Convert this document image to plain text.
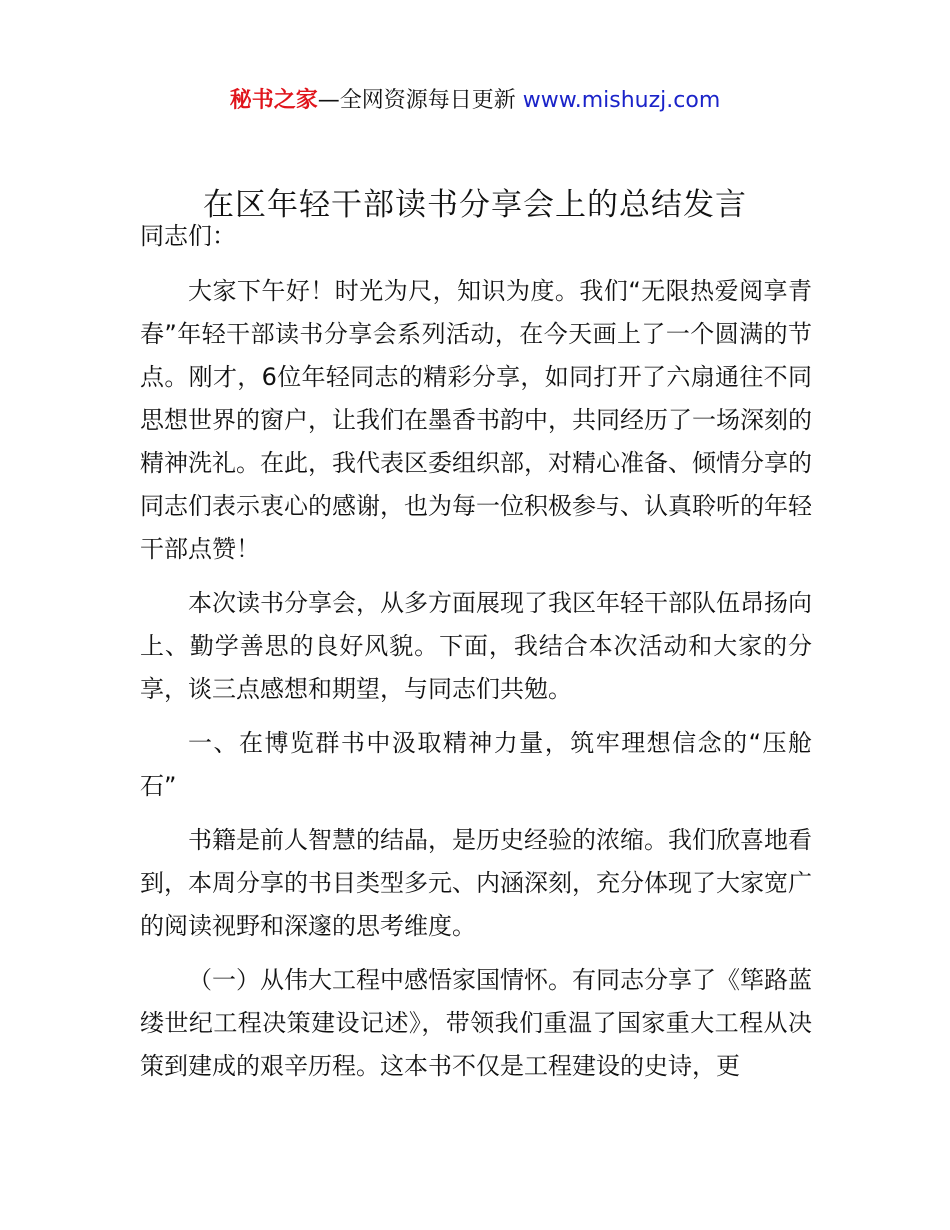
秘书之家—全网资源每日更新 www.mishuzj.com
在区年轻干部读书分享会上的总结发言

同志们：

大家下午好！时光为尺，知识为度。我们“无限热爱阅享青春”年轻干部读书分享会系列活动，在今天画上了一个圆满的节点。刚才，6位年轻同志的精彩分享，如同打开了六扇通往不同思想世界的窗户，让我们在墨香书韵中，共同经历了一场深刻的精神洗礼。在此，我代表区委组织部，对精心准备、倾情分享的同志们表示衷心的感谢，也为每一位积极参与、认真聆听的年轻干部点赞！

本次读书分享会，从多方面展现了我区年轻干部队伍昂扬向上、勤学善思的良好风貌。下面，我结合本次活动和大家的分享，谈三点感想和期望，与同志们共勉。

一、在博览群书中汲取精神力量，筑牢理想信念的“压舱石”

书籍是前人智慧的结晶，是历史经验的浓缩。我们欣喜地看到，本周分享的书目类型多元、内涵深刻，充分体现了大家宽广的阅读视野和深邃的思考维度。

（一）从伟大工程中感悟家国情怀。有同志分享了《筚路蓝缕世纪工程决策建设记述》，带领我们重温了国家重大工程从决策到建成的艰辛历程。这本书不仅是工程建设的史诗，更
